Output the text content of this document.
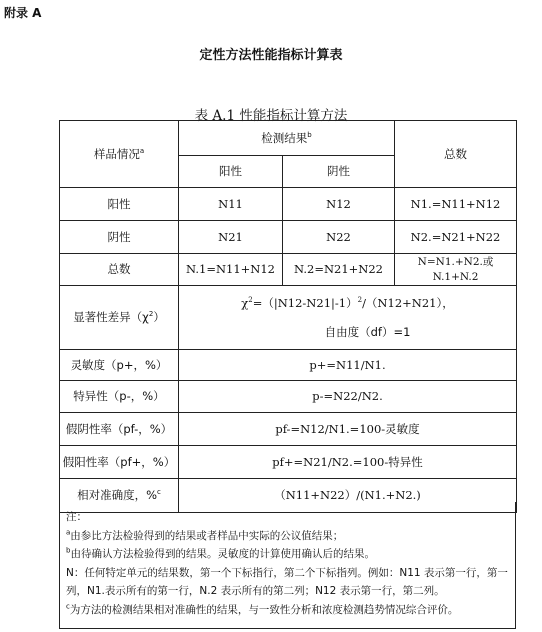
附录 A
定性方法性能指标计算表
表 A.1 性能指标计算方法
样品情况$^a$	检测结果$^b$		总数
	阳性	阴性	
阳性	N11	N12	N1.=N11+N12
阴性	N21	N22	N2.=N21+N22
总数	N.1=N11+N12	N.2=N21+N22	N=N1.+N2.或 N.1+N.2
显著性差异$(\chi^2)$	$\chi^2=(|N12-N21|-1)^2/(N12+N21)$，
自由度（df）=1		

灵敏度（p+，%）	p+=N11/N1.		
特异性（p-，%）	p-=N22/N2.		
假阴性率（pf-，%）	pf-=N12/N1.=100-灵敏度		
假阳性率（pf+，%）	pf+=N21/N2.=100-特异性		
相对准确度，%$^c$	（N11+N22）/(N1.+N2.)		

注：

$^a$由参比方法检验得到的结果或者样品中实际的公议值结果；

$^b$由待确认方法检验得到的结果。灵敏度的计算使用确认后的结果。

N：任何特定单元的结果数，第一个下标指行，第二个下标指列。例如：N11 表示第一行，第一列，N1.表示所有的第一行，N.2 表示所有的第二列；N12 表示第一行，第二列。

$^c$为方法的检测结果相对准确性的结果，与一致性分析和浓度检测趋势情况综合评价。
